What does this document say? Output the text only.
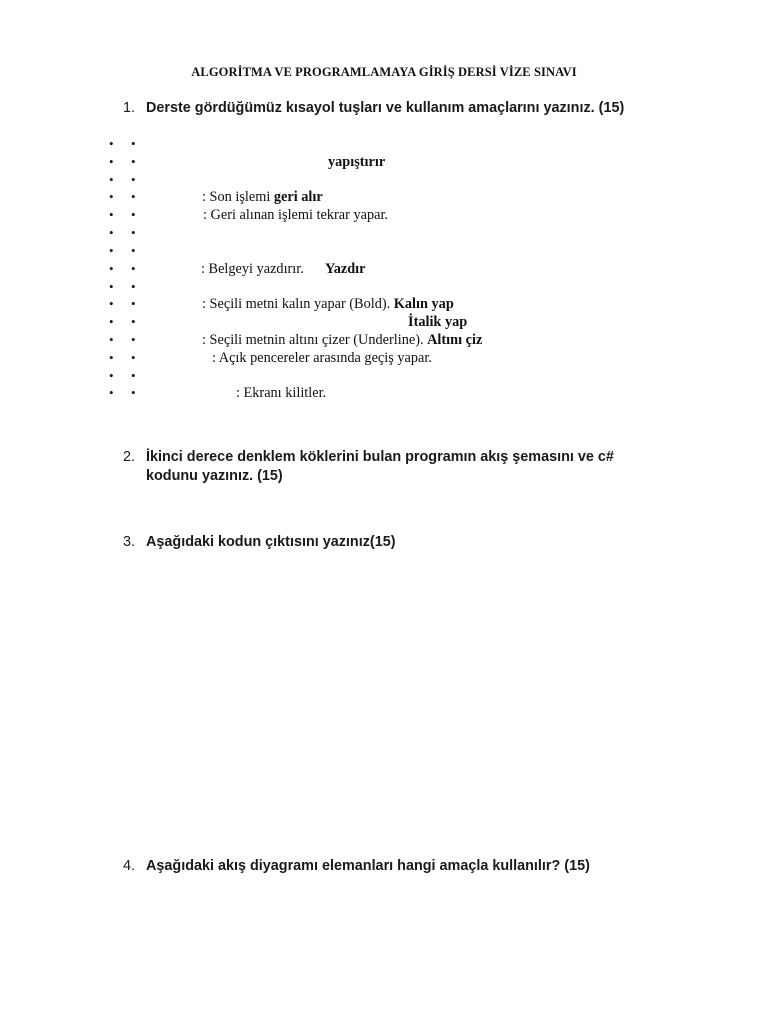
ALGORİTMA VE PROGRAMLAMAYA GİRİŞ DERSİ VİZE SINAVI
1. Derste gördüğümüz kısayol tuşları ve kullanım amaçlarını yazınız. (15)
• •
• •	yapıştırır
• •
• •	: Son işlemi geri alır
• •	: Geri alınan işlemi tekrar yapar.
• •
• •
• •	: Belgeyi yazdırır. Yazdır
• •
• •	: Seçili metni kalın yapar (Bold). Kalın yap
• •	İtalik yap
• •	: Seçili metnin altını çizer (Underline). Altını çiz
• •	: Açık pencereler arasında geçiş yapar.
• •
• •	: Ekranı kilitler.
2. İkinci derece denklem köklerini bulan programın akış şemasını ve c#
kodunu yazınız. (15)
3. Aşağıdaki kodun çıktısını yazınız(15)
4. Aşağıdaki akış diyagramı elemanları hangi amaçla kullanılır? (15)
